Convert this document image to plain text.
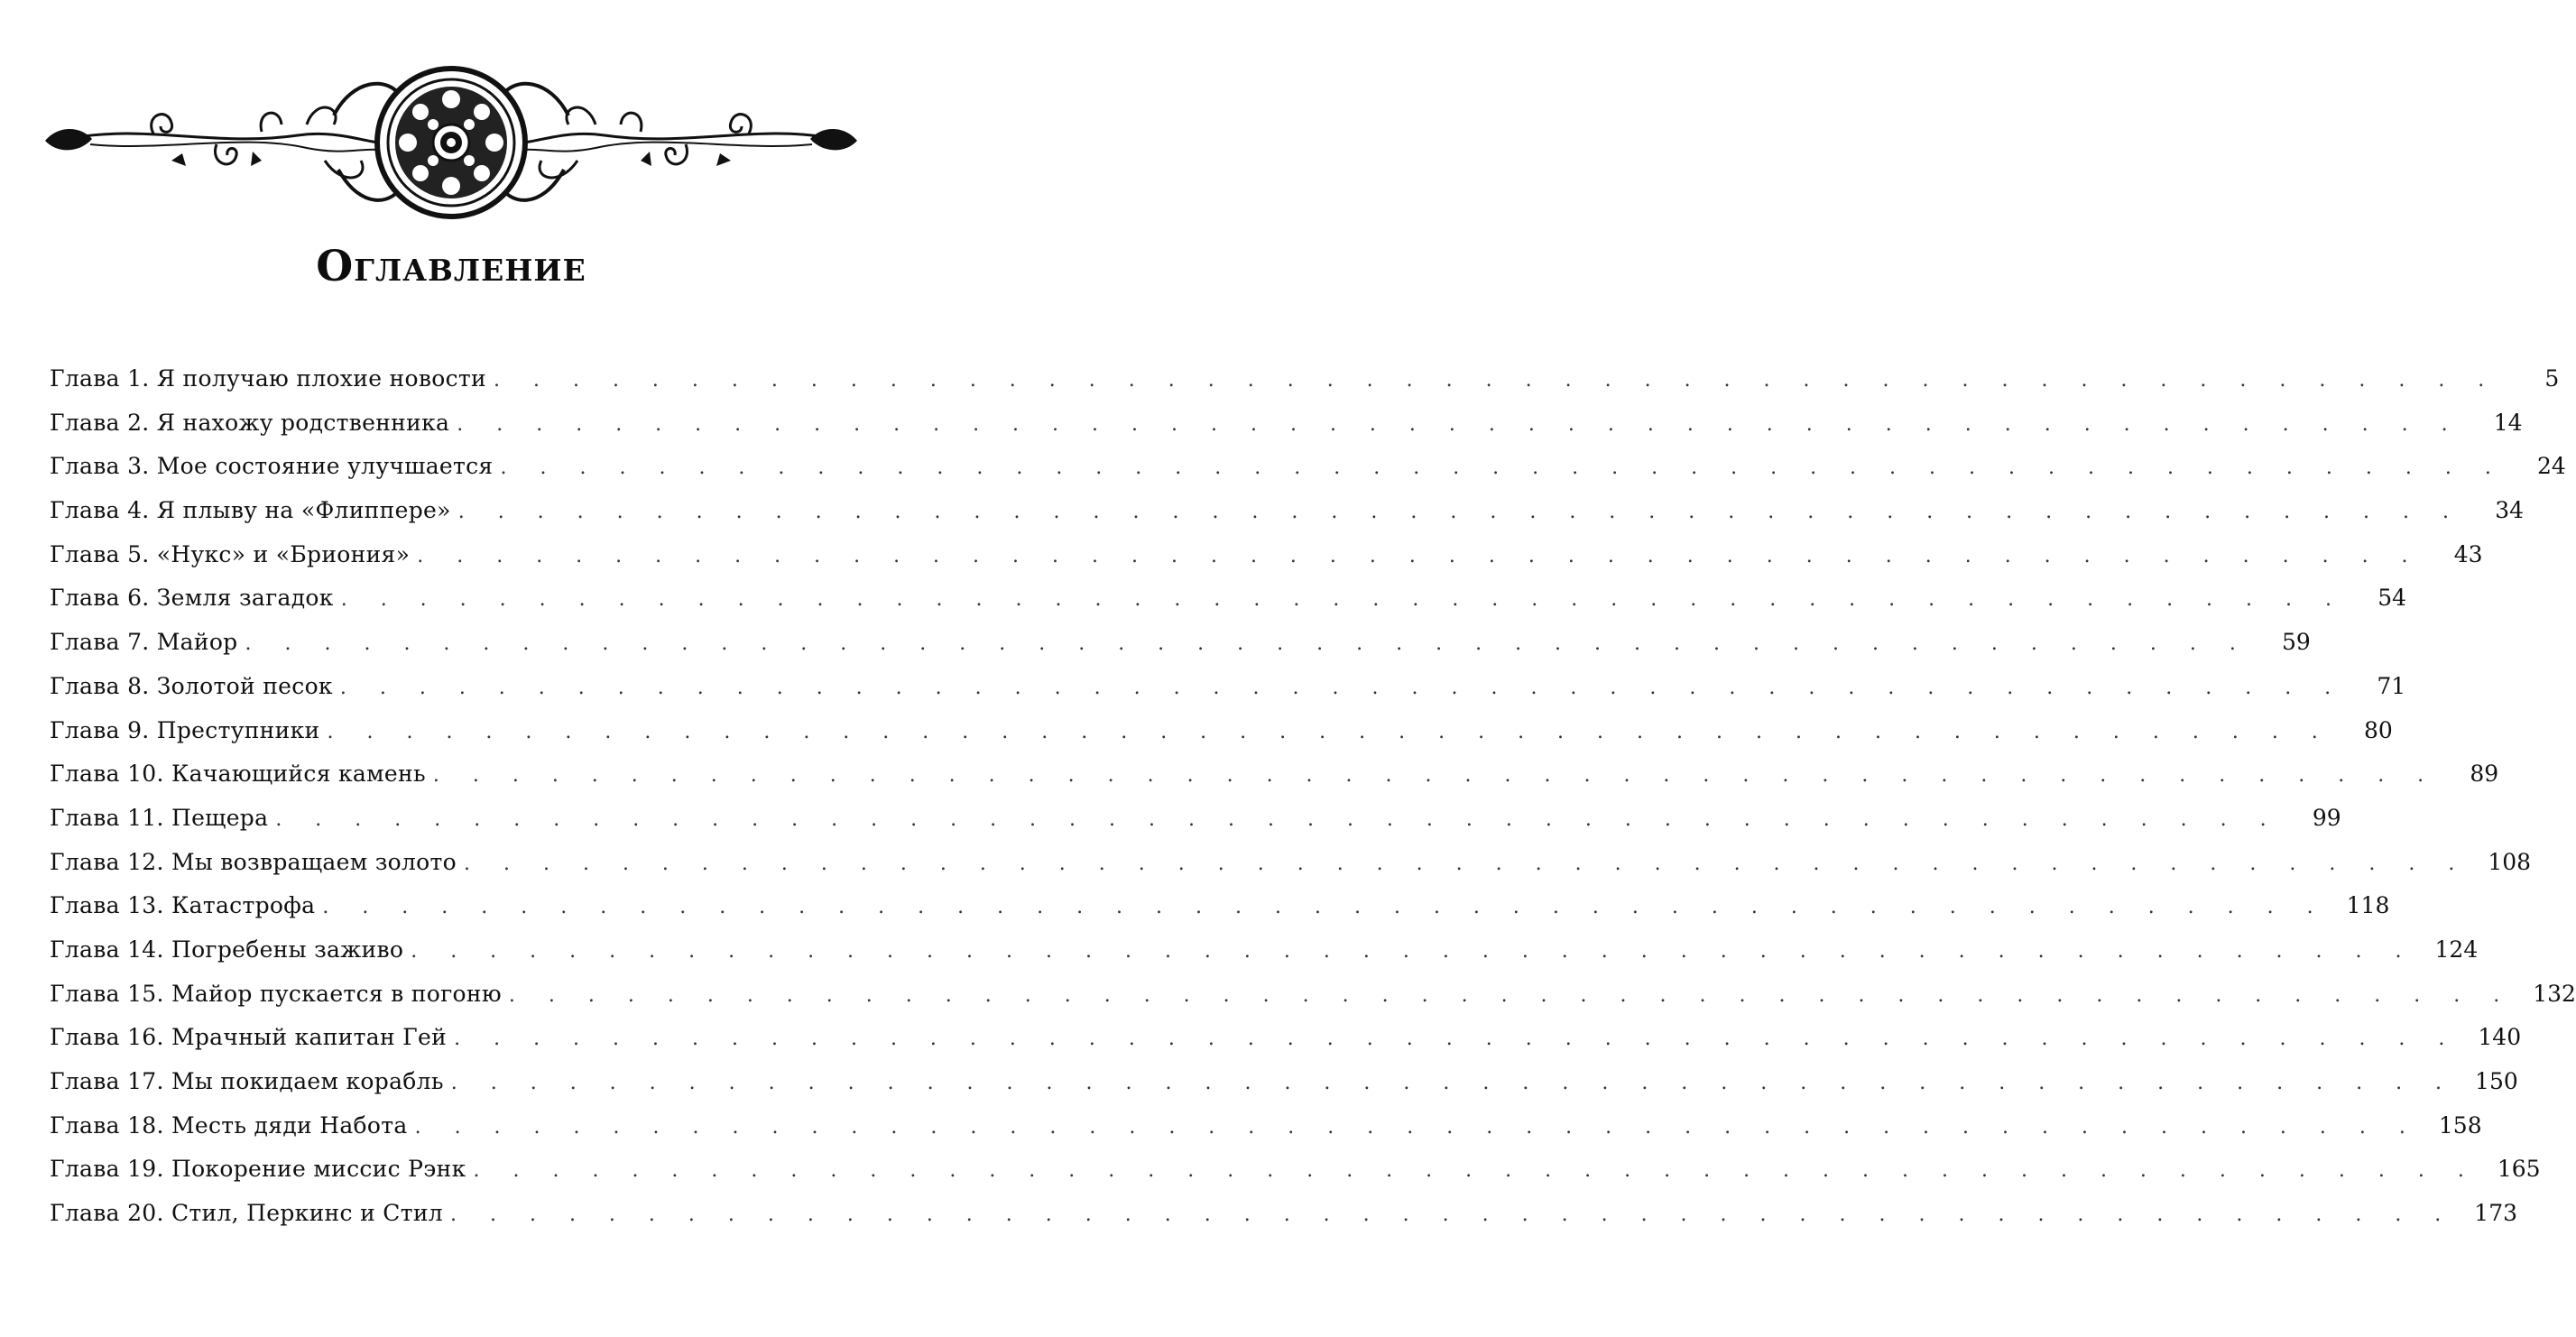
Оглавление
Глава 1. Я получаю плохие новости . . . . . . . . . . . . . . . . . . . . . . . . . . . . . . . . . . . . . . . . . . . . . . . . . . .	5
Глава 2. Я нахожу родственника . . . . . . . . . . . . . . . . . . . . . . . . . . . . . . . . . . . . . . . . . . . . . . . . . . .	14
Глава 3. Мое состояние улучшается . . . . . . . . . . . . . . . . . . . . . . . . . . . . . . . . . . . . . . . . . . . . . . . . . . .	24
Глава 4. Я плыву на «Флиппере» . . . . . . . . . . . . . . . . . . . . . . . . . . . . . . . . . . . . . . . . . . . . . . . . . . .	34
Глава 5. «Нукс» и «Бриония» . . . . . . . . . . . . . . . . . . . . . . . . . . . . . . . . . . . . . . . . . . . . . . . . . . .	43
Глава 6. Земля загадок . . . . . . . . . . . . . . . . . . . . . . . . . . . . . . . . . . . . . . . . . . . . . . . . . . .	54
Глава 7. Майор . . . . . . . . . . . . . . . . . . . . . . . . . . . . . . . . . . . . . . . . . . . . . . . . . . .	59
Глава 8. Золотой песок . . . . . . . . . . . . . . . . . . . . . . . . . . . . . . . . . . . . . . . . . . . . . . . . . . .	71
Глава 9. Преступники . . . . . . . . . . . . . . . . . . . . . . . . . . . . . . . . . . . . . . . . . . . . . . . . . . .	80
Глава 10. Качающийся камень . . . . . . . . . . . . . . . . . . . . . . . . . . . . . . . . . . . . . . . . . . . . . . . . . . .	89
Глава 11. Пещера . . . . . . . . . . . . . . . . . . . . . . . . . . . . . . . . . . . . . . . . . . . . . . . . . . .	99
Глава 12. Мы возвращаем золото . . . . . . . . . . . . . . . . . . . . . . . . . . . . . . . . . . . . . . . . . . . . . . . . . . . 108
Глава 13. Катастрофа . . . . . . . . . . . . . . . . . . . . . . . . . . . . . . . . . . . . . . . . . . . . . . . . . . . 118
Глава 14. Погребены заживо . . . . . . . . . . . . . . . . . . . . . . . . . . . . . . . . . . . . . . . . . . . . . . . . . . . 124
Глава 15. Майор пускается в погоню . . . . . . . . . . . . . . . . . . . . . . . . . . . . . . . . . . . . . . . . . . . . . . . . . . . 132
Глава 16. Мрачный капитан Гей . . . . . . . . . . . . . . . . . . . . . . . . . . . . . . . . . . . . . . . . . . . . . . . . . . . 140
Глава 17. Мы покидаем корабль . . . . . . . . . . . . . . . . . . . . . . . . . . . . . . . . . . . . . . . . . . . . . . . . . . . 150
Глава 18. Месть дяди Набота . . . . . . . . . . . . . . . . . . . . . . . . . . . . . . . . . . . . . . . . . . . . . . . . . . . 158
Глава 19. Покорение миссис Рэнк . . . . . . . . . . . . . . . . . . . . . . . . . . . . . . . . . . . . . . . . . . . . . . . . . . . 165
Глава 20. Стил, Перкинс и Стил . . . . . . . . . . . . . . . . . . . . . . . . . . . . . . . . . . . . . . . . . . . . . . . . . . . 173
